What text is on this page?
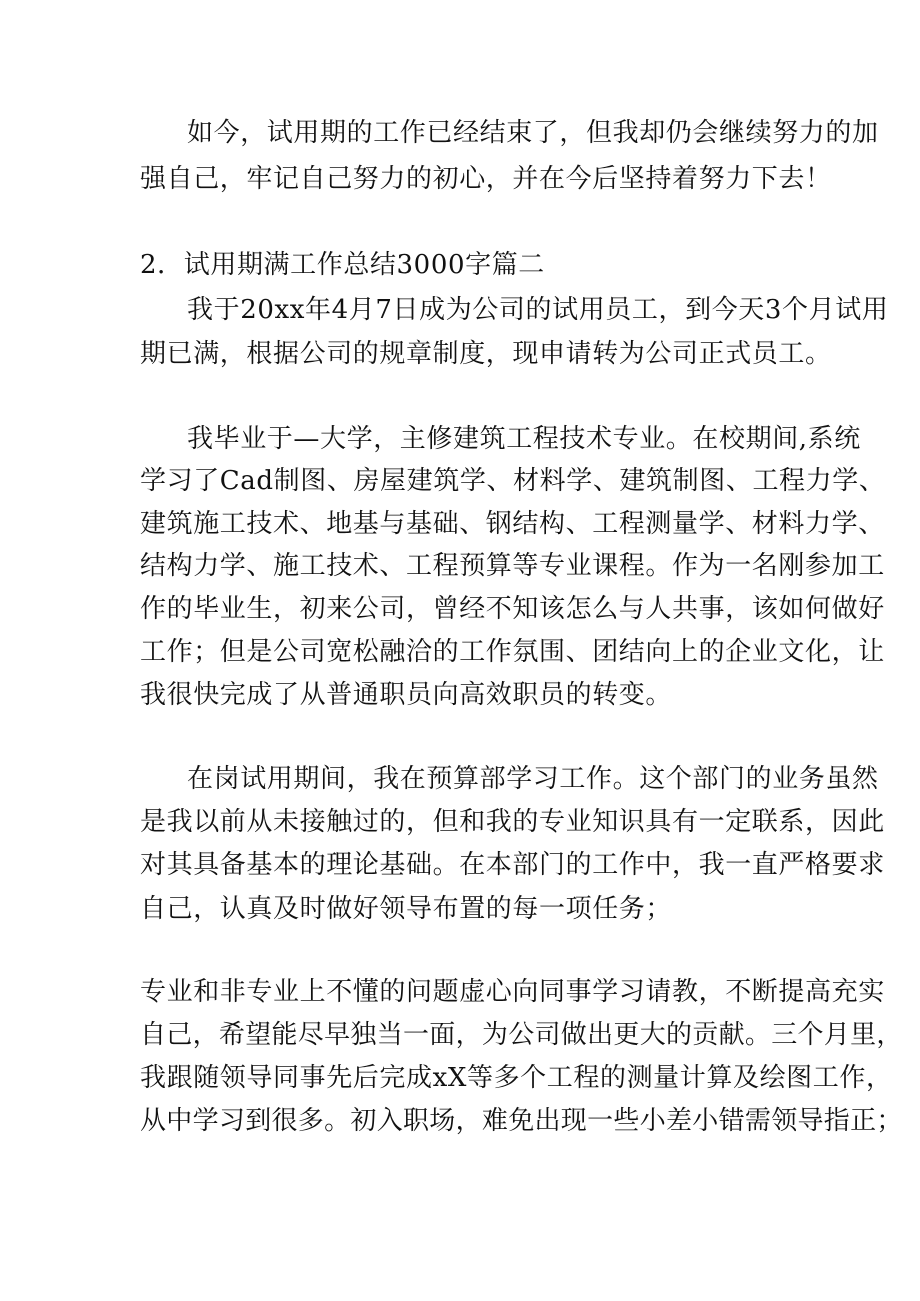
如今，试用期的工作已经结束了，但我却仍会继续努力的加
强自己，牢记自己努力的初心，并在今后坚持着努力下去！
2．试用期满工作总结3000字篇二
我于20xx年4月7日成为公司的试用员工，到今天3个月试用
期已满，根据公司的规章制度，现申请转为公司正式员工。
我毕业于—大学，主修建筑工程技术专业。在校期间,系统
学习了Cad制图、房屋建筑学、材料学、建筑制图、工程力学、
建筑施工技术、地基与基础、钢结构、工程测量学、材料力学、
结构力学、施工技术、工程预算等专业课程。作为一名刚参加工
作的毕业生，初来公司，曾经不知该怎么与人共事，该如何做好
工作；但是公司宽松融洽的工作氛围、团结向上的企业文化，让
我很快完成了从普通职员向高效职员的转变。
在岗试用期间，我在预算部学习工作。这个部门的业务虽然
是我以前从未接触过的，但和我的专业知识具有一定联系，因此
对其具备基本的理论基础。在本部门的工作中，我一直严格要求
自己，认真及时做好领导布置的每一项任务；
专业和非专业上不懂的问题虚心向同事学习请教，不断提高充实
自己，希望能尽早独当一面，为公司做出更大的贡献。三个月里，
我跟随领导同事先后完成xX等多个工程的测量计算及绘图工作，
从中学习到很多。初入职场，难免出现一些小差小错需领导指正；
